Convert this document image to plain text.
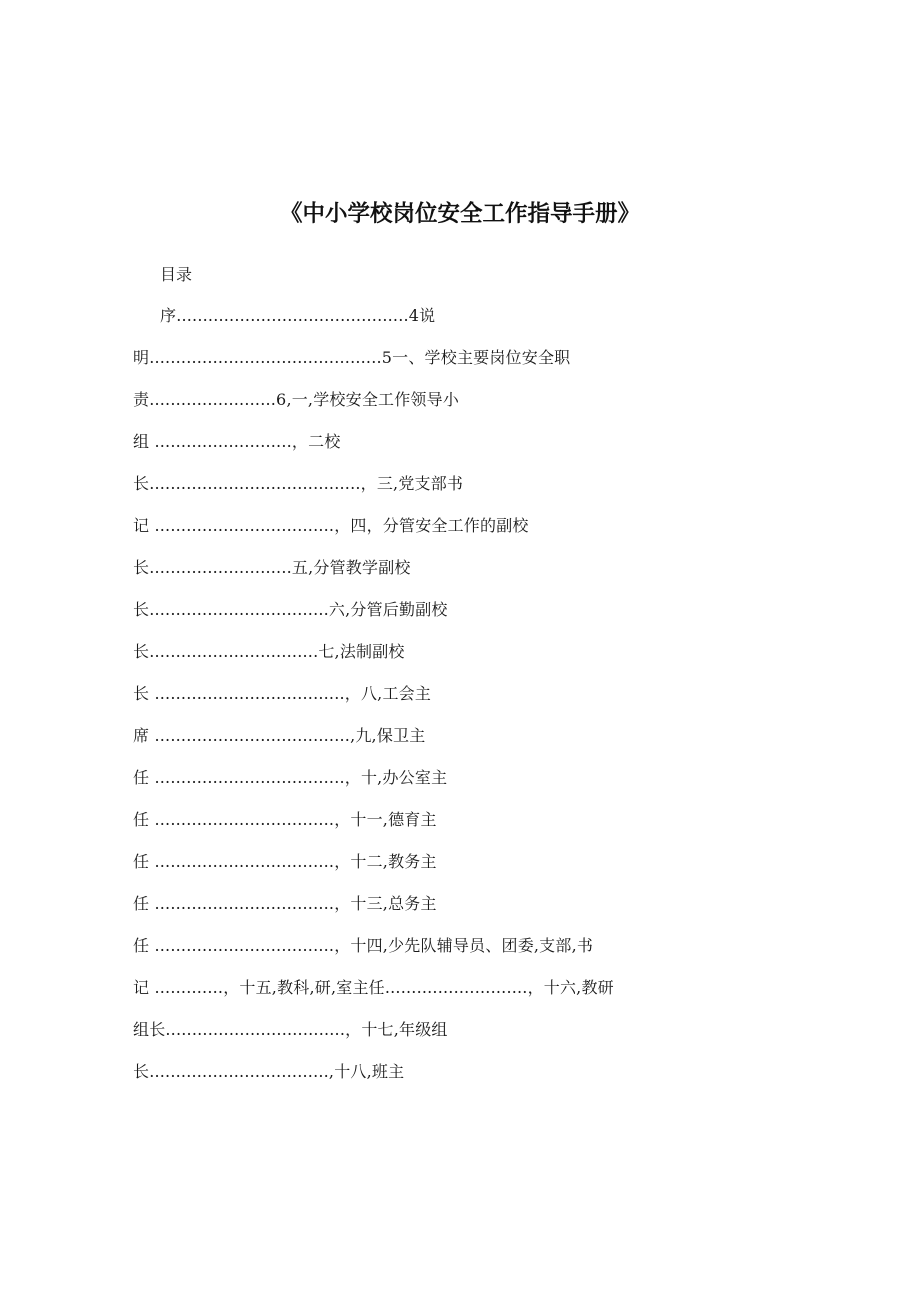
《中小学校岗位安全工作指导手册》
目录
序............................................4说
明............................................5一、学校主要岗位安全职
责........................6,一,学校安全工作领导小
组 ..........................，二校
长........................................，三,党支部书
记 ..................................，四，分管安全工作的副校
长...........................五,分管教学副校
长..................................六,分管后勤副校
长................................七,法制副校
长 ....................................，八,工会主
席 .....................................,九,保卫主
任 ....................................，十,办公室主
任 ..................................，十一,德育主
任 ..................................，十二,教务主
任 ..................................，十三,总务主
任 ..................................，十四,少先队辅导员、团委,支部,书
记 .............，十五,教科,研,室主任...........................，十六,教研
组长..................................，十七,年级组
长..................................,十八,班主
